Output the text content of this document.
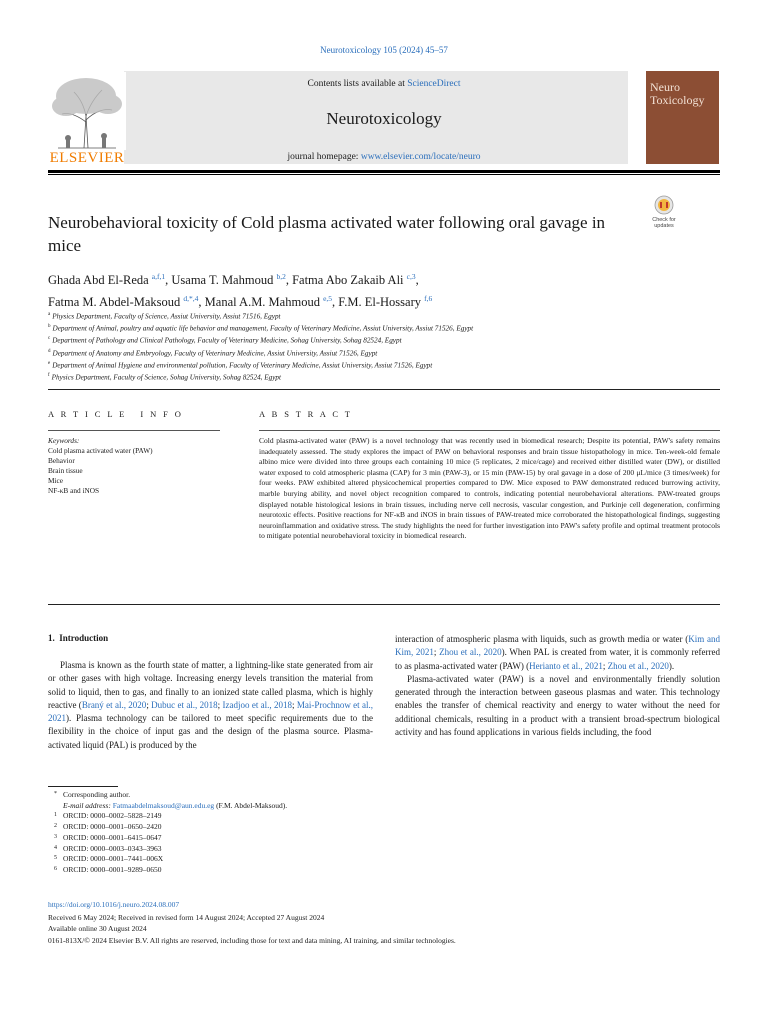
Neurotoxicology 105 (2024) 45–57
ELSEVIER
Contents lists available at ScienceDirect
Neurotoxicology
journal homepage: www.elsevier.com/locate/neuro
Neuro
Toxicology
Check for
updates
Neurobehavioral toxicity of Cold plasma activated water following oral gavage in mice
Ghada Abd El-Reda $^{a,f,1}$, Usama T. Mahmoud $^{b,2}$, Fatma Abo Zakaib Ali $^{c,3}$,
Fatma M. Abdel-Maksoud $^{d,*,4}$, Manal A.M. Mahmoud $^{e,5}$, F.M. El-Hossary $^{f,6}$
$^a$ Physics Department, Faculty of Science, Assiut University, Assiut 71516, Egypt
$^b$ Department of Animal, poultry and aquatic life behavior and management, Faculty of Veterinary Medicine, Assiut University, Assiut 71526, Egypt
$^c$ Department of Pathology and Clinical Pathology, Faculty of Veterinary Medicine, Sohag University, Sohag 82524, Egypt
$^d$ Department of Anatomy and Embryology, Faculty of Veterinary Medicine, Assiut University, Assiut 71526, Egypt
$^e$ Department of Animal Hygiene and environmental pollution, Faculty of Veterinary Medicine, Assiut University, Assiut 71526, Egypt
$^f$ Physics Department, Faculty of Science, Sohag University, Sohag 82524, Egypt
A R T I C L E   I N F O	A B S T R A C T
Keywords:
Cold plasma activated water (PAW)
Behavior
Brain tissue
Mice
NF-κB and iNOS
Cold plasma-activated water (PAW) is a novel technology that was recently used in biomedical research; Despite its potential, PAW's safety remains inadequately assessed. The study explores the impact of PAW on behavioral responses and brain tissue histopathology in mice. Ten-week-old female albino mice were divided into three groups each containing 10 mice (5 replicates, 2 mice/cage) and received either distilled water (DW), or distilled water exposed to cold atmospheric plasma (CAP) for 3 min (PAW-3), or 15 min (PAW-15) by oral gavage in a dose of 200 μL/mice (3 times/week) for four weeks. PAW exhibited altered physicochemical properties compared to DW. Mice exposed to PAW demonstrated reduced burrowing activity, marble burying ability, and novel object recognition compared to controls, indicating potential neurobehavioral alterations. PAW-treated groups displayed notable histological lesions in brain tissues, including nerve cell necrosis, vascular congestion, and Purkinje cell degeneration, confirming neurotoxic effects. Positive reactions for NF-κB and iNOS in brain tissues of PAW-treated mice corroborated the histopathological findings, suggesting neuroinflammation and oxidative stress. The study highlights the need for further investigation into PAW's safety profile and optimal treatment protocols to mitigate potential neurobehavioral toxicity in biomedical research.
1.  Introduction

Plasma is known as the fourth state of matter, a lightning-like state generated from air or other gases with high voltage. Increasing energy levels transition the material from solid to liquid, then to gas, and finally to an ionized state called plasma, which is highly reactive (Braný et al., 2020; Dubuc et al., 2018; Izadjoo et al., 2018; Mai-Prochnow et al., 2021). Plasma technology can be tailored to meet specific requirements due to the flexibility in the choice of input gas and the design of the plasma source. Plasma-activated liquid (PAL) is produced by the

interaction of atmospheric plasma with liquids, such as growth media or water (Kim and Kim, 2021; Zhou et al., 2020). When PAL is created from water, it is commonly referred to as plasma-activated water (PAW) (Herianto et al., 2021; Zhou et al., 2020).

Plasma-activated water (PAW) is a novel and environmentally friendly solution generated through the interaction between gaseous plasmas and water. This technology enables the transfer of chemical reactivity and energy to water without the need for additional chemicals, resulting in a product with a transient broad-spectrum biological activity and has found applications in various fields including, the food

* Corresponding author.
E-mail address: Fatmaabdelmaksoud@aun.edu.eg (F.M. Abdel-Maksoud).
1 ORCID: 0000–0002–5828–2149
2 ORCID: 0000–0001–0650–2420
3 ORCID: 0000–0001–6415–0647
4 ORCID: 0000–0003–0343–3963
5 ORCID: 0000–0001–7441–006X
6 ORCID: 0000–0001–9289–0650
https://doi.org/10.1016/j.neuro.2024.08.007
Received 6 May 2024; Received in revised form 14 August 2024; Accepted 27 August 2024
Available online 30 August 2024
0161-813X/© 2024 Elsevier B.V. All rights are reserved, including those for text and data mining, AI training, and similar technologies.
